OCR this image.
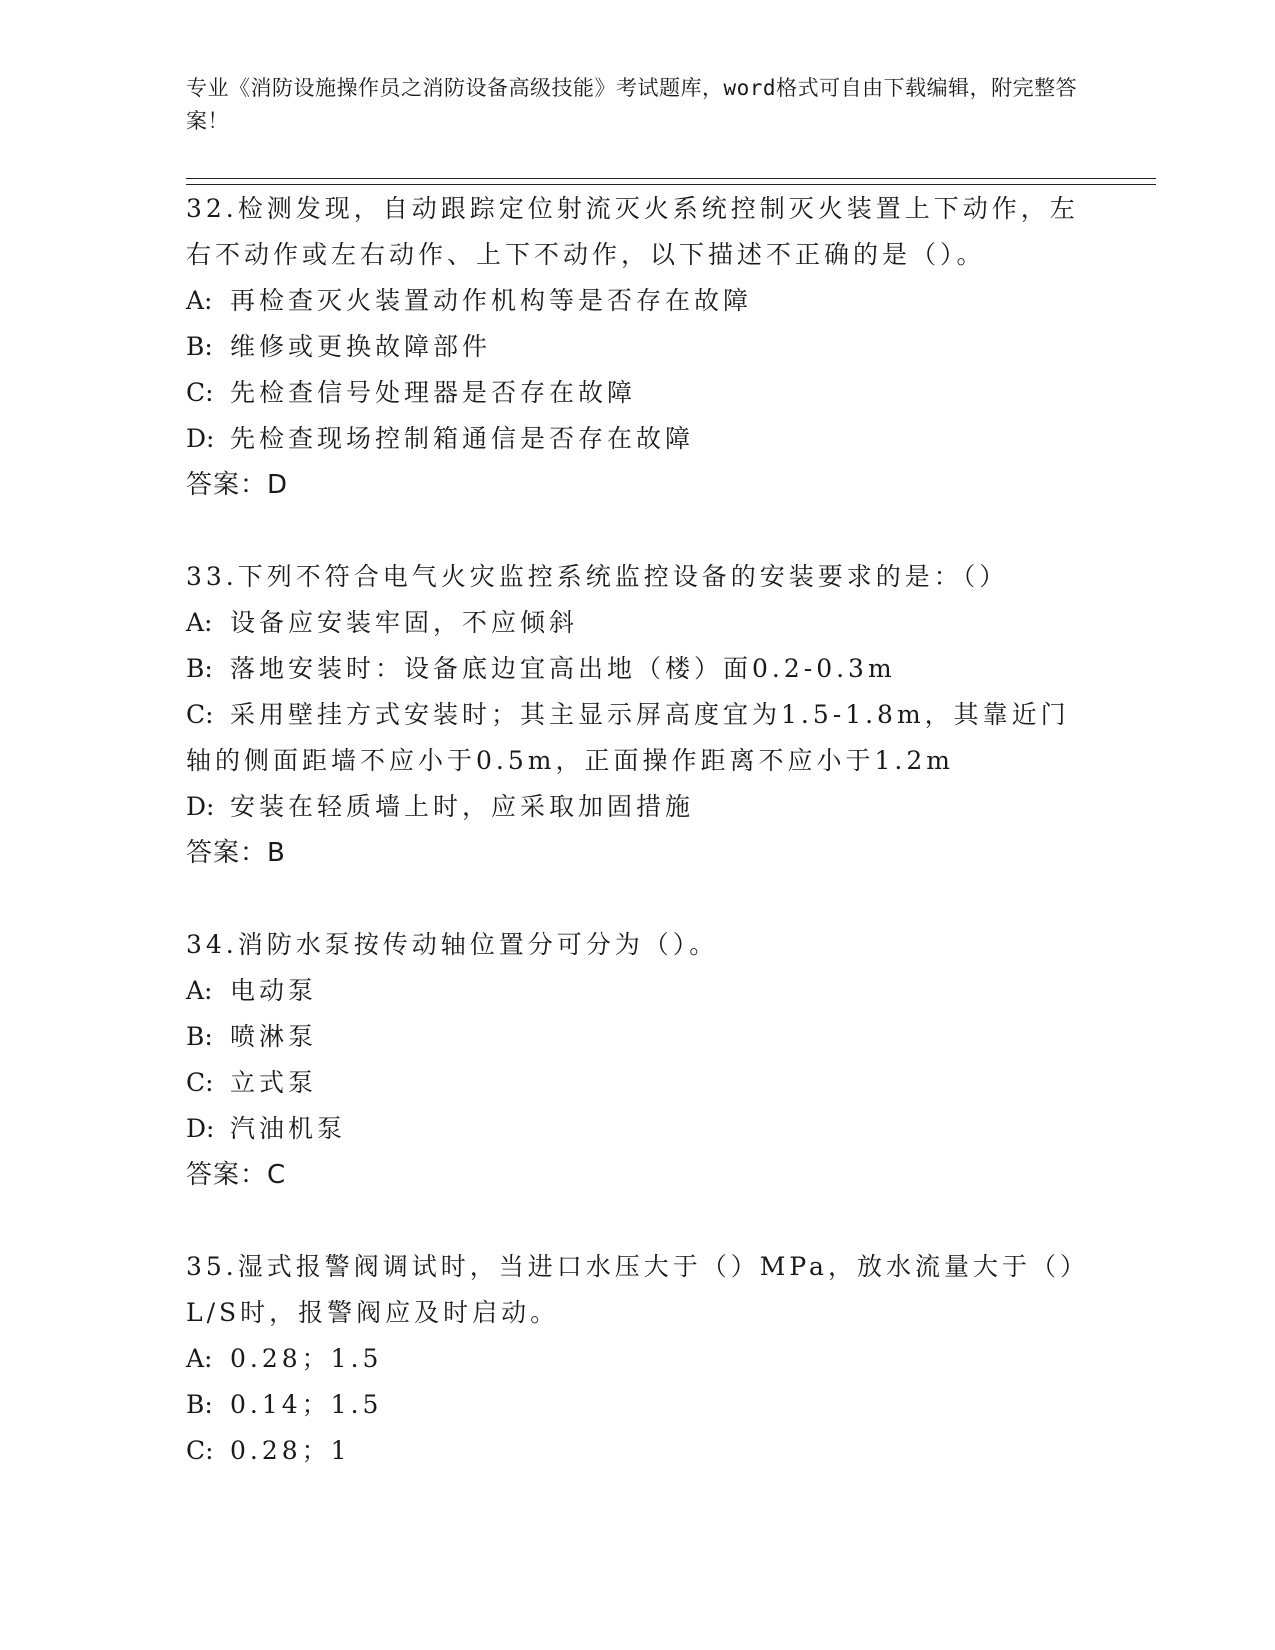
专业《消防设施操作员之消防设备高级技能》考试题库，word格式可自由下载编辑，附完整答案！
32.检测发现，自动跟踪定位射流灭火系统控制灭火装置上下动作，左右不动作或左右动作、上下不动作，以下描述不正确的是（）。
A: 再检查灭火装置动作机构等是否存在故障
B: 维修或更换故障部件
C: 先检查信号处理器是否存在故障
D: 先检查现场控制箱通信是否存在故障
答案：D
33.下列不符合电气火灾监控系统监控设备的安装要求的是：（）
A: 设备应安装牢固，不应倾斜
B: 落地安装时：设备底边宜高出地（楼）面0.2-0.3m
C: 采用壁挂方式安装时；其主显示屏高度宜为1.5-1.8m，其靠近门轴的侧面距墙不应小于0.5m，正面操作距离不应小于1.2m
D: 安装在轻质墙上时，应采取加固措施
答案：B
34.消防水泵按传动轴位置分可分为（）。
A: 电动泵
B: 喷淋泵
C: 立式泵
D: 汽油机泵
答案：C
35.湿式报警阀调试时，当进口水压大于（）MPa，放水流量大于（）L/S时，报警阀应及时启动。
A: 0.28；1.5
B: 0.14；1.5
C: 0.28；1
